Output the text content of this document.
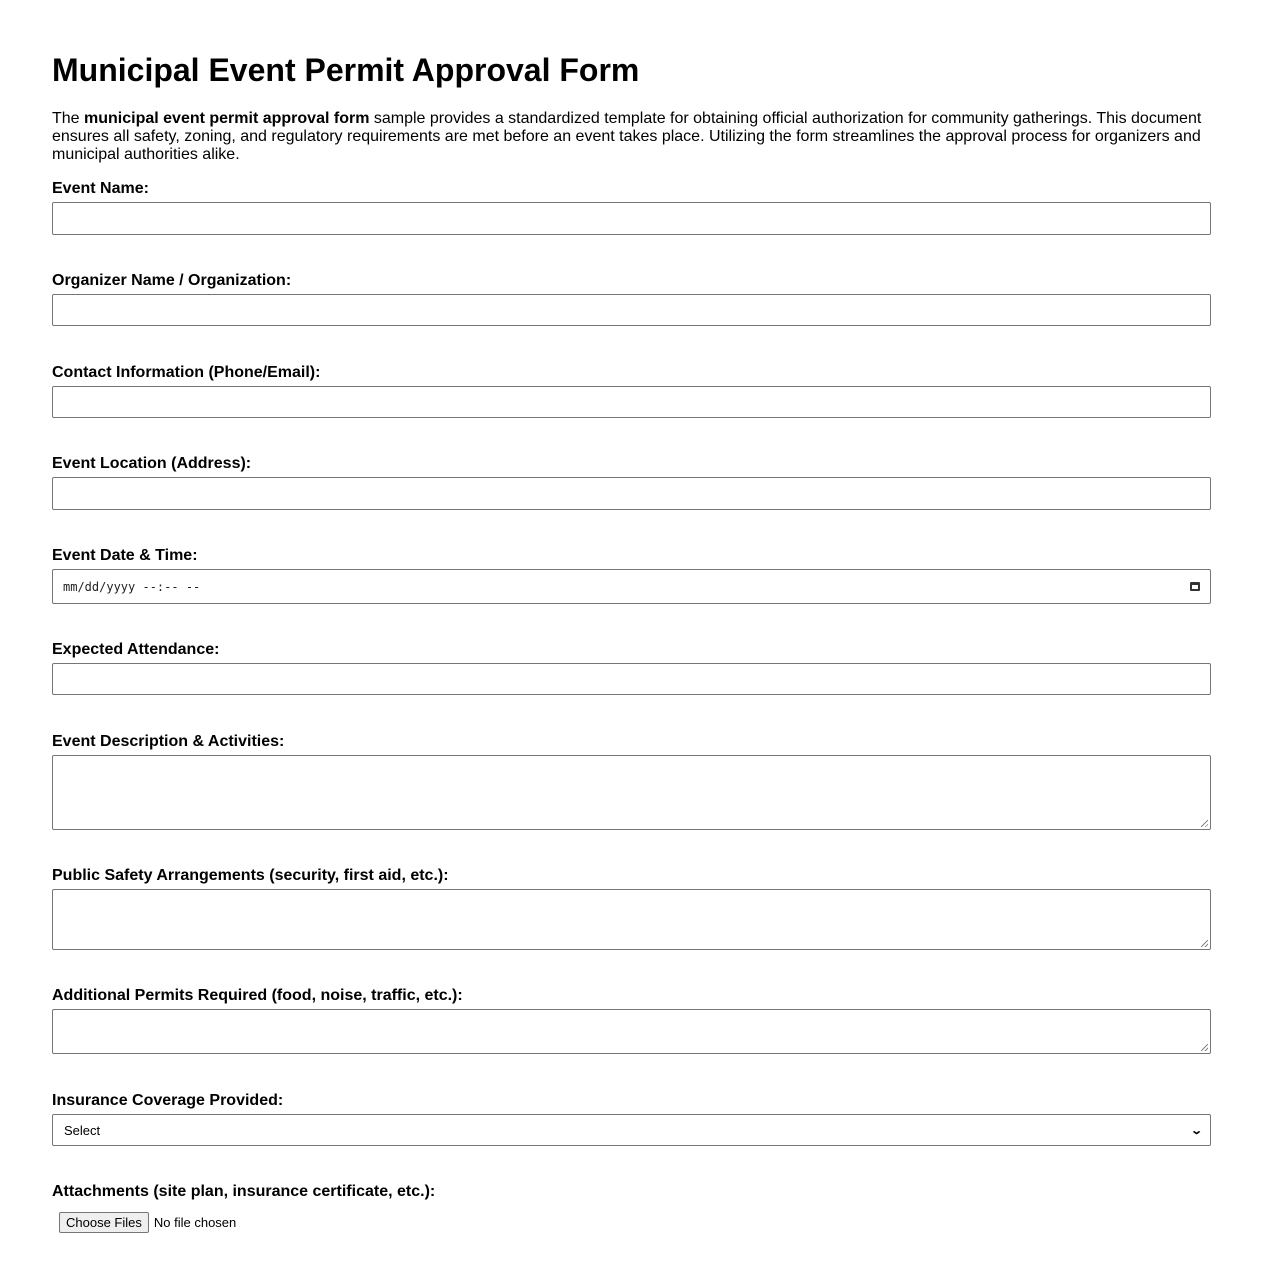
Municipal Event Permit Approval Form

The municipal event permit approval form sample provides a standardized template for obtaining official authorization for community gatherings. This document ensures all safety, zoning, and regulatory requirements are met before an event takes place. Utilizing the form streamlines the approval process for organizers and municipal authorities alike.

Event Name:
Organizer Name / Organization:
Contact Information (Phone/Email):
Event Location (Address):
Event Date & Time:
mm/dd/yyyy --:-- --
Expected Attendance:
Event Description & Activities:
Public Safety Arrangements (security, first aid, etc.):
Additional Permits Required (food, noise, traffic, etc.):
Insurance Coverage Provided:
Select	⌄
Attachments (site plan, insurance certificate, etc.):
Choose Files No file chosen
